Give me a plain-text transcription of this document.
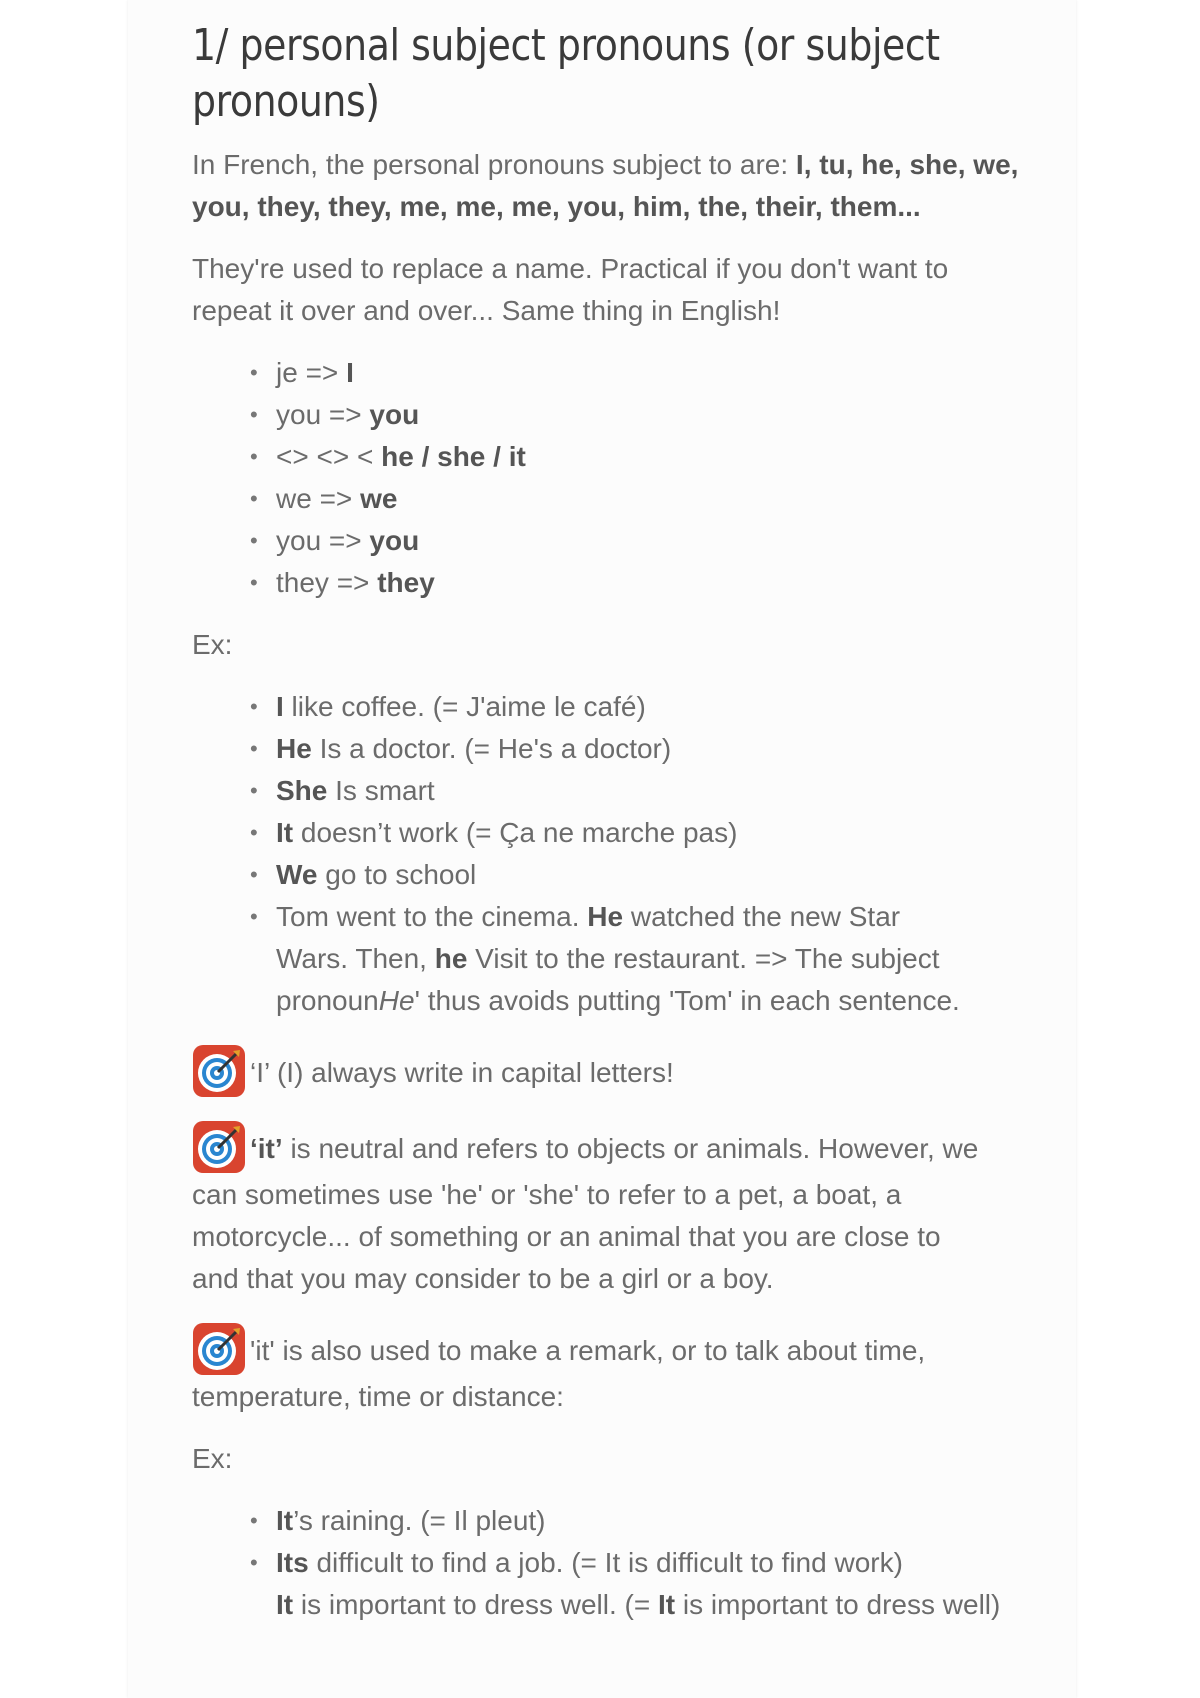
1/ personal subject pronouns (or subject pronouns)

In French, the personal pronouns subject to are: I, tu, he, she, we, you, they, they, me, me, me, you, him, the, their, them...

They're used to replace a name. Practical if you don't want to repeat it over and over... Same thing in English!

• je => I
• you => you
• <> <> < he / she / it
• we => we
• you => you
• they => they

Ex:

• I like coffee. (= J'aime le café)
• He Is a doctor. (= He's a doctor)
• She Is smart
• It doesn’t work (= Ça ne marche pas)
• We go to school
• Tom went to the cinema. He watched the new Star Wars. Then, he Visit to the restaurant. => The subject pronounHe' thus avoids putting 'Tom' in each sentence.

‘I’ (I) always write in capital letters!

‘it’ is neutral and refers to objects or animals. However, we can sometimes use 'he' or 'she' to refer to a pet, a boat, a motorcycle... of something or an animal that you are close to and that you may consider to be a girl or a boy.

'it' is also used to make a remark, or to talk about time, temperature, time or distance:

Ex:

• It’s raining. (= Il pleut)
• Its difficult to find a job. (= It is difficult to find work)
It is important to dress well. (= It is important to dress well)
